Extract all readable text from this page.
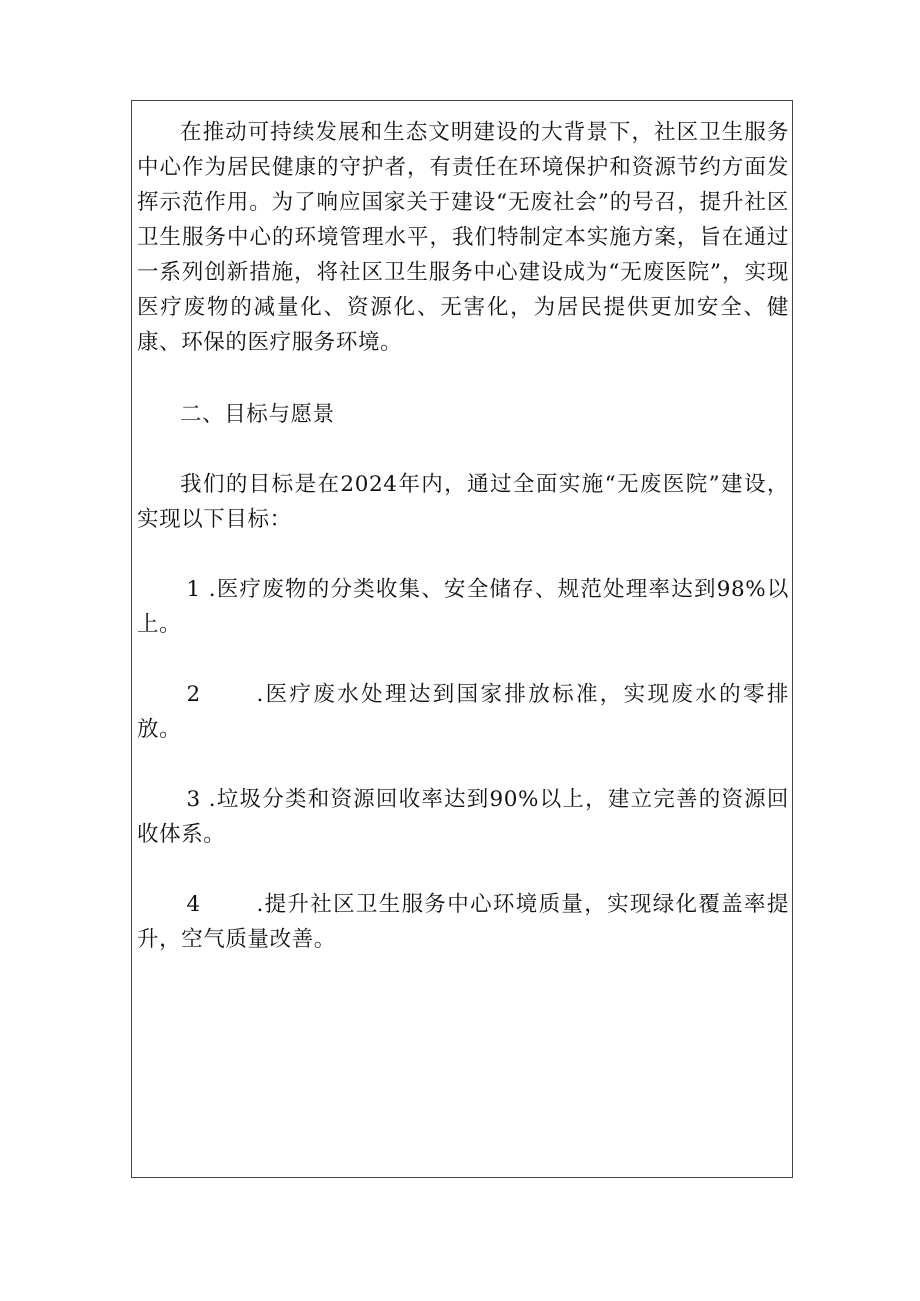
在推动可持续发展和生态文明建设的大背景下，社区卫生服务中心作为居民健康的守护者，有责任在环境保护和资源节约方面发挥示范作用。为了响应国家关于建设“无废社会”的号召，提升社区卫生服务中心的环境管理水平，我们特制定本实施方案，旨在通过一系列创新措施，将社区卫生服务中心建设成为“无废医院”，实现医疗废物的减量化、资源化、无害化，为居民提供更加安全、健康、环保的医疗服务环境。

二、目标与愿景

我们的目标是在2024年内，通过全面实施“无废医院”建设，实现以下目标：

1 .医疗废物的分类收集、安全储存、规范处理率达到98%以上。

2	.医疗废水处理达到国家排放标准，实现废水的零排放。

3 .垃圾分类和资源回收率达到90%以上，建立完善的资源回收体系。

4	.提升社区卫生服务中心环境质量，实现绿化覆盖率提升，空气质量改善。
